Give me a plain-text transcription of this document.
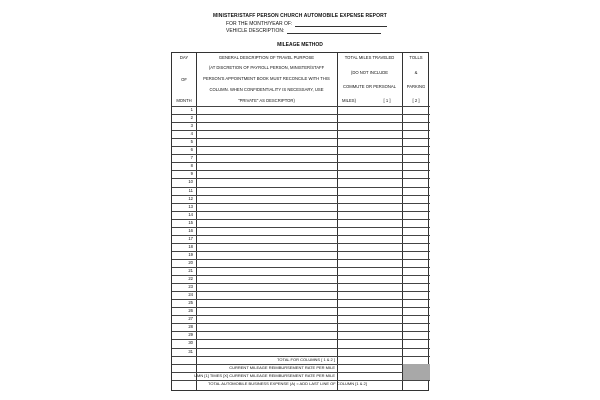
MINISTER/STAFF PERSON CHURCH AUTOMOBILE EXPENSE REPORT
FOR THE MONTH/YEAR OF:
VEHICLE DESCRIPTION:
MILEAGE METHOD
DAY
OF
MONTH
GENERAL DESCRIPTION OF TRAVEL PURPOSE
(AT DISCRETION OF PAYROLL PERSON, MINISTER/STAFF
PERSON'S APPOINTMENT BOOK MUST RECONCILE WITH THIS
COLUMN. WHEN CONFIDENTIALITY IS NECESSARY, USE
"PRIVATE" AS DESCRIPTOR)
TOTAL MILES TRAVELED
(DO NOT INCLUDE
COMMUTE OR PERSONAL
MILES)	[ 1 ]
TOLLS
&
PARKING
[ 2 ]
1
2
3
4
5
6
7
8
9
10
11
12
13
14
15
16
17
18
19
20
21
22
23
24
25
26
27
28
29
30
31
TOTAL FOR COLUMNS [ 1 & 2 ]
CURRENT MILEAGE REIMBURSEMENT RATE PER MILE
UMN [1] TIMES [X] CURRENT MILEAGE REIMBURSEMENT RATE PER MILE
TOTAL AUTOMOBILE BUSINESS EXPENSE (A) = ADD LAST LINE OF COLUMN [1 & 2]
